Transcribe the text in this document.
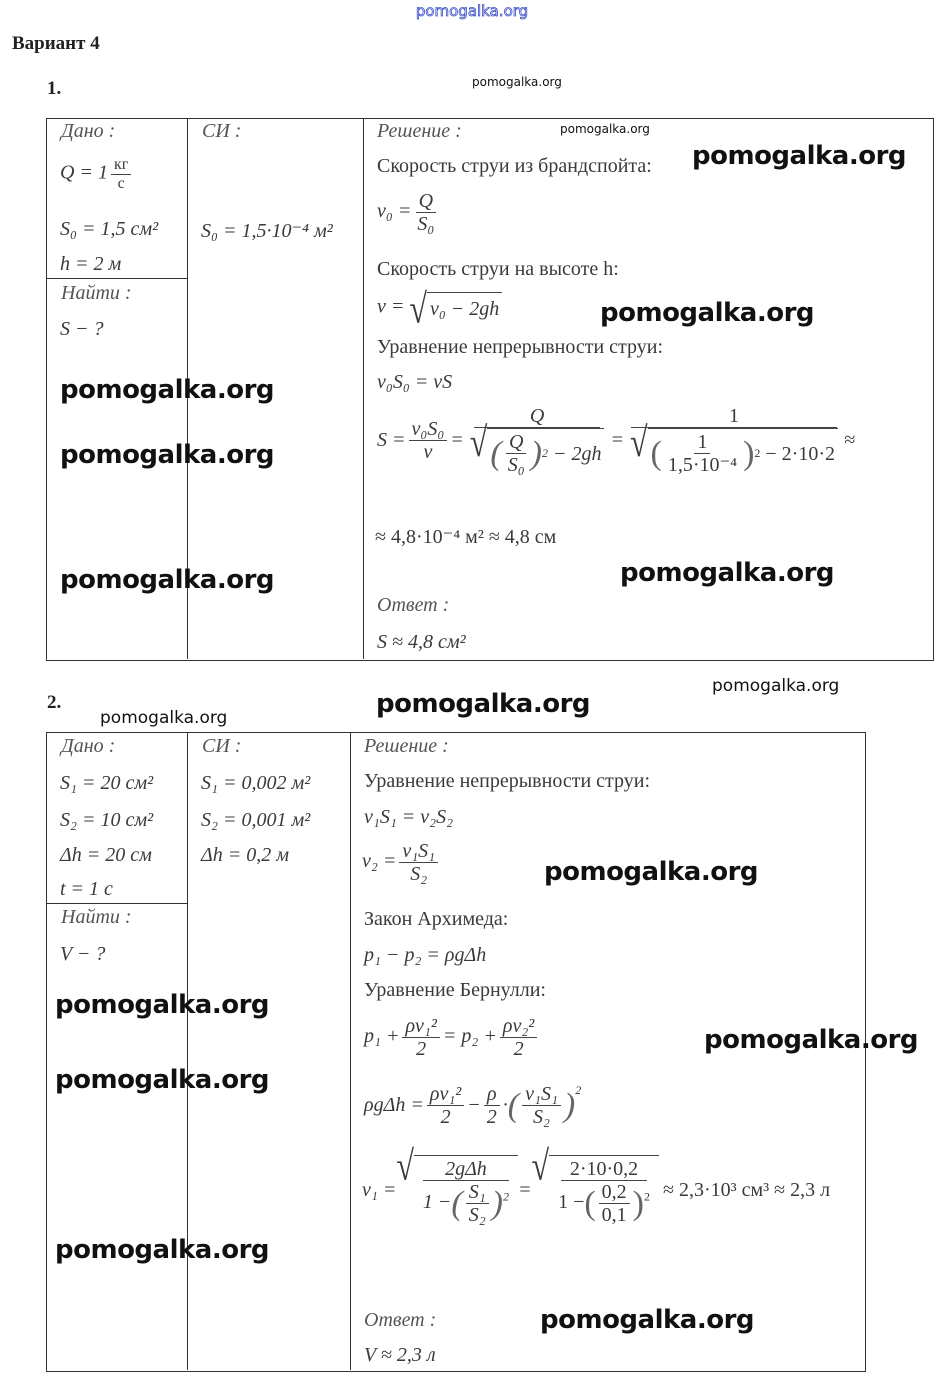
pomogalka.org
Вариант 4
1.
Дано :
$Q = 1 \frac{кг}{с}$
S₀ = 1,5 см²
h = 2 м
Найти :
S − ?
СИ :
S₀ = 1,5·10⁻⁴ м²
Решение :
Скорость струи из брандспойта:
$v_0 = \frac{Q}{\text{S₀}}$
Скорость струи на высоте h:
v = √ v₀ − 2gh
Уравнение непрерывности струи:
v₀S₀ = vS
$S = \frac{\text{v₀S₀}}{v} = Q$
√ ( $\frac{Q}{\text{S₀}}$ ) 2
− 2gh = 1
√ ( $\frac{1}{\text{1,5·10⁻⁴}}$ ) 2
− 2·10·2 ≈
≈ 4,8·10⁻⁴ м² ≈ 4,8 см
Ответ :
S ≈ 4,8 см²
2.
Дано :
S₁ = 20 см²
S₂ = 10 см²
Δh = 20 см
t = 1 с
Найти :
V − ?
СИ :
S₁ = 0,002 м²
S₂ = 0,001 м²
Δh = 0,2 м
Решение :
Уравнение непрерывности струи:
v₁S₁ = v₂S₂
$v_2 = \frac{\text{v₁S₁}}{\text{S₂}}$
Закон Архимеда:
p₁ − p₂ = ρgΔh
Уравнение Бернулли:
$p_1 + \frac{\text{ρv₁²}}{2} = p_2 + \frac{\text{ρv₂²}}{2}$
$\rho g\Delta h = \frac{\text{ρv₁²}}{2} - \frac{\rho}{2}$ · ( $\frac{\text{v₁S₁}}{\text{S₂}} )^2$
v₁ =
√ $\frac{\text{2gΔh}}{1 -( \frac{\text{S₁}}{\text{S₂}} )^2}$ =
√ $\frac{2\cdot 10\cdot 0,2}{1 -( \frac{0,2}{0,1} )^2} \approx 2,3\cdot 10^3$ см³ ≈ 2,3 л
Ответ :
V ≈ 2,3 л
pomogalka.org
pomogalka.org
pomogalka.org
pomogalka.org
pomogalka.org
pomogalka.org
pomogalka.org
pomogalka.org
pomogalka.org	pomogalka.org
pomogalka.org
pomogalka.org
pomogalka.org
pomogalka.org
pomogalka.org
pomogalka.org
pomogalka.org
